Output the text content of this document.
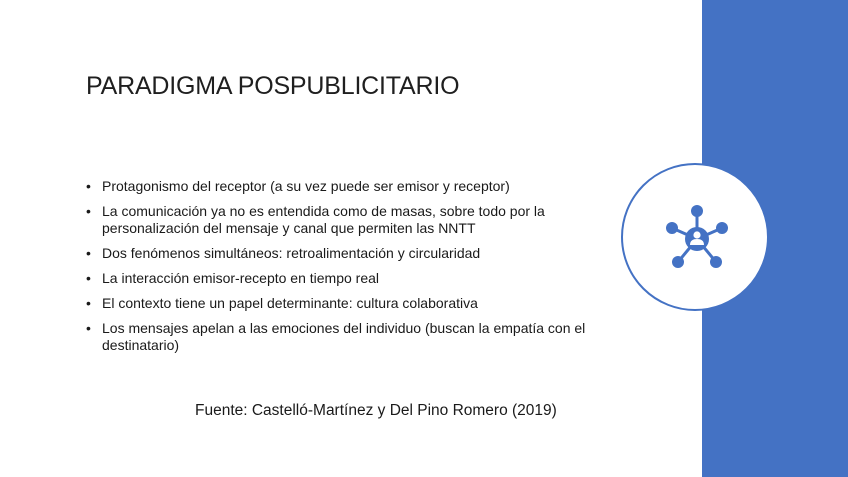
PARADIGMA POSPUBLICITARIO
• Protagonismo del receptor (a su vez puede ser emisor y receptor)
• La comunicación ya no es entendida como de masas, sobre todo por la personalización del mensaje y canal que permiten las NNTT
• Dos fenómenos simultáneos: retroalimentación y circularidad
• La interacción emisor-recepto en tiempo real
• El contexto tiene un papel determinante: cultura colaborativa
• Los mensajes apelan a las emociones del individuo (buscan la empatía con el destinatario)
Fuente: Castelló-Martínez y Del Pino Romero (2019)
